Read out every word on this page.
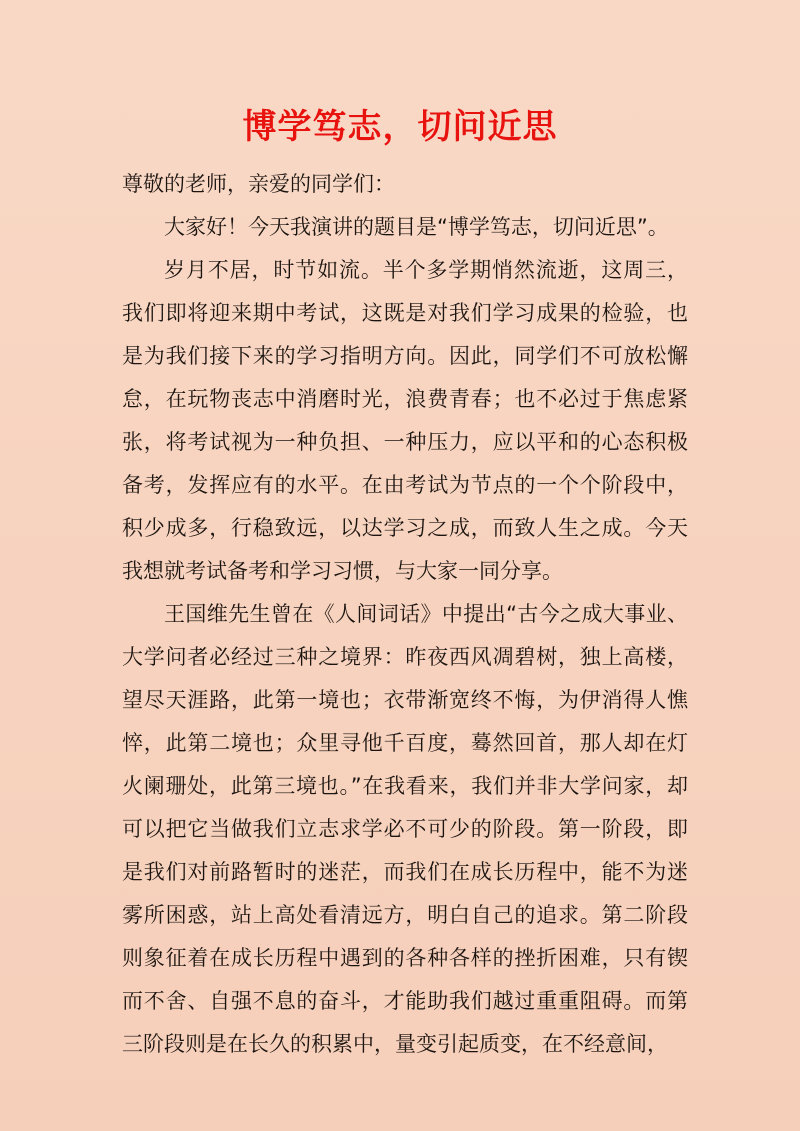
博学笃志，切问近思

尊敬的老师，亲爱的同学们：

大家好！今天我演讲的题目是“博学笃志，切问近思”。

岁月不居，时节如流。半个多学期悄然流逝，这周三，我们即将迎来期中考试，这既是对我们学习成果的检验，也是为我们接下来的学习指明方向。因此，同学们不可放松懈怠，在玩物丧志中消磨时光，浪费青春；也不必过于焦虑紧张，将考试视为一种负担、一种压力，应以平和的心态积极备考，发挥应有的水平。在由考试为节点的一个个阶段中，积少成多，行稳致远，以达学习之成，而致人生之成。今天我想就考试备考和学习习惯，与大家一同分享。

王国维先生曾在《人间词话》中提出“古今之成大事业、大学问者必经过三种之境界：昨夜西风凋碧树，独上高楼，望尽天涯路，此第一境也；衣带渐宽终不悔，为伊消得人憔悴，此第二境也；众里寻他千百度，蓦然回首，那人却在灯火阑珊处，此第三境也。”在我看来，我们并非大学问家，却可以把它当做我们立志求学必不可少的阶段。第一阶段，即是我们对前路暂时的迷茫，而我们在成长历程中，能不为迷雾所困惑，站上高处看清远方，明白自己的追求。第二阶段则象征着在成长历程中遇到的各种各样的挫折困难，只有锲而不舍、自强不息的奋斗，才能助我们越过重重阻碍。而第三阶段则是在长久的积累中，量变引起质变，在不经意间，
